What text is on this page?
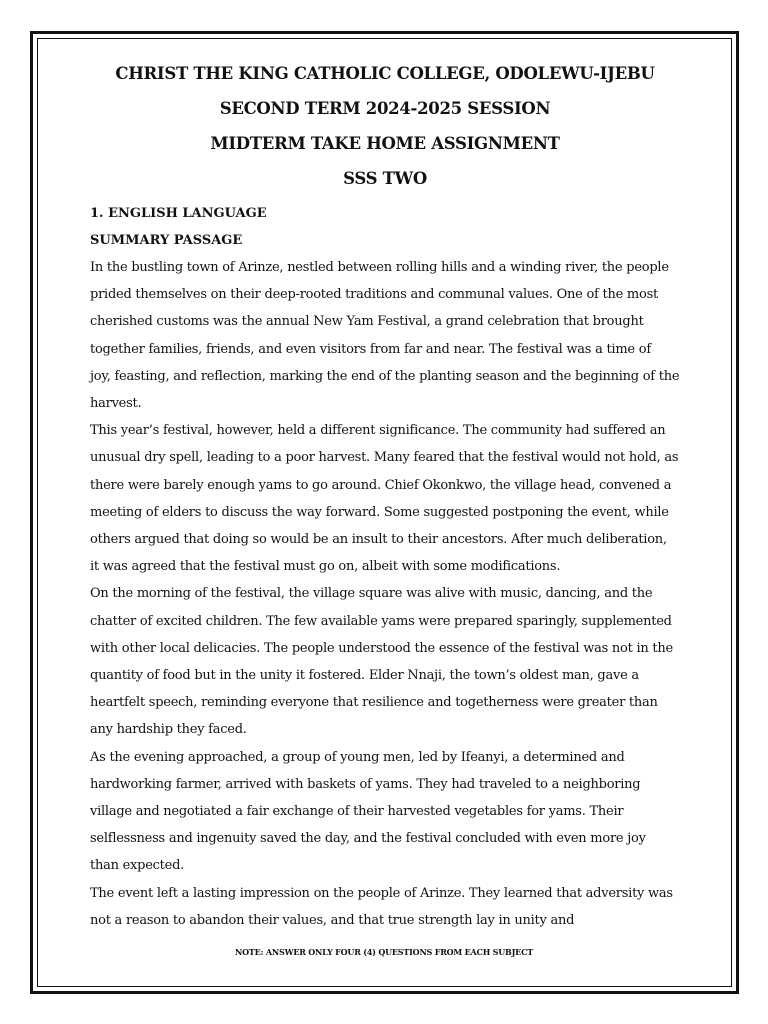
CHRIST THE KING CATHOLIC COLLEGE, ODOLEWU-IJEBU
SECOND TERM 2024-2025 SESSION
MIDTERM TAKE HOME ASSIGNMENT
SSS TWO
1. ENGLISH LANGUAGE
SUMMARY PASSAGE
In the bustling town of Arinze, nestled between rolling hills and a winding river, the people
prided themselves on their deep-rooted traditions and communal values. One of the most
cherished customs was the annual New Yam Festival, a grand celebration that brought
together families, friends, and even visitors from far and near. The festival was a time of
joy, feasting, and reflection, marking the end of the planting season and the beginning of the
harvest.
This year’s festival, however, held a different significance. The community had suffered an
unusual dry spell, leading to a poor harvest. Many feared that the festival would not hold, as
there were barely enough yams to go around. Chief Okonkwo, the village head, convened a
meeting of elders to discuss the way forward. Some suggested postponing the event, while
others argued that doing so would be an insult to their ancestors. After much deliberation,
it was agreed that the festival must go on, albeit with some modifications.
On the morning of the festival, the village square was alive with music, dancing, and the
chatter of excited children. The few available yams were prepared sparingly, supplemented
with other local delicacies. The people understood the essence of the festival was not in the
quantity of food but in the unity it fostered. Elder Nnaji, the town’s oldest man, gave a
heartfelt speech, reminding everyone that resilience and togetherness were greater than
any hardship they faced.
As the evening approached, a group of young men, led by Ifeanyi, a determined and
hardworking farmer, arrived with baskets of yams. They had traveled to a neighboring
village and negotiated a fair exchange of their harvested vegetables for yams. Their
selflessness and ingenuity saved the day, and the festival concluded with even more joy
than expected.
The event left a lasting impression on the people of Arinze. They learned that adversity was
not a reason to abandon their values, and that true strength lay in unity and
NOTE: ANSWER ONLY FOUR (4) QUESTIONS FROM EACH SUBJECT
